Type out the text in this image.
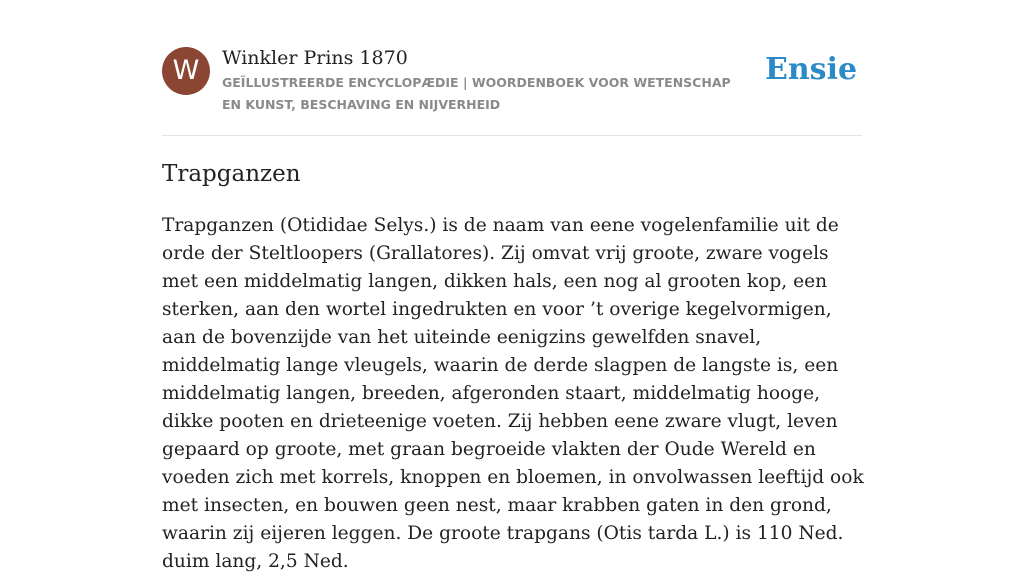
W	Winkler Prins 1870
GEÏLLUSTREERDE ENCYCLOPÆDIE | WOORDENBOEK VOOR WETENSCHAP EN KUNST, BESCHAVING EN NIJVERHEID
Ensie
Trapganzen

Trapganzen (Otididae Selys.) is de naam van eene vogelenfamilie uit de orde der Steltloopers (Grallatores). Zij omvat vrij groote, zware vogels met een middelmatig langen, dikken hals, een nog al grooten kop, een sterken, aan den wortel ingedrukten en voor ’t overige kegelvormigen, aan de bovenzijde van het uiteinde eenigzins gewelfden snavel, middelmatig lange vleugels, waarin de derde slagpen de langste is, een middelmatig langen, breeden, afgeronden staart, middelmatig hooge, dikke pooten en drieteenige voeten. Zij hebben eene zware vlugt, leven gepaard op groote, met graan begroeide vlakten der Oude Wereld en voeden zich met korrels, knoppen en bloemen, in onvolwassen leeftijd ook met insecten, en bouwen geen nest, maar krabben gaten in den grond, waarin zij eijeren leggen. De groote trapgans (Otis tarda L.) is 110 Ned. duim lang, 2,5 Ned.
